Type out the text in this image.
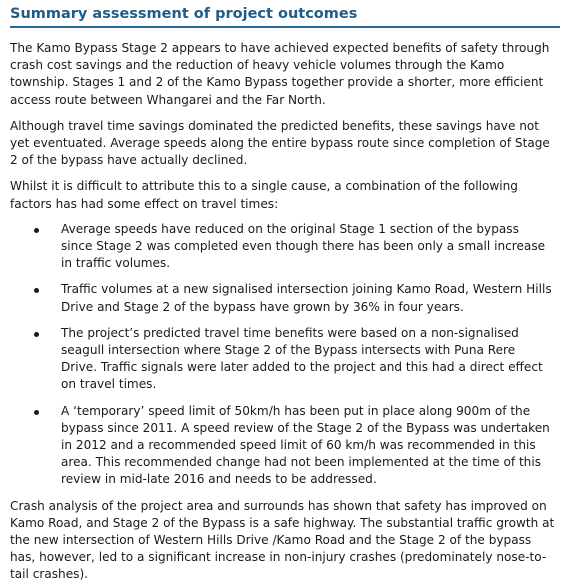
Summary assessment of project outcomes

The Kamo Bypass Stage 2 appears to have achieved expected benefits of safety through crash cost savings and the reduction of heavy vehicle volumes through the Kamo township. Stages 1 and 2 of the Kamo Bypass together provide a shorter, more efficient access route between Whangarei and the Far North.

Although travel time savings dominated the predicted benefits, these savings have not yet eventuated. Average speeds along the entire bypass route since completion of Stage 2 of the bypass have actually declined.

Whilst it is difficult to attribute this to a single cause, a combination of the following factors has had some effect on travel times:

Average speeds have reduced on the original Stage 1 section of the bypass since Stage 2 was completed even though there has been only a small increase in traffic volumes.
Traffic volumes at a new signalised intersection joining Kamo Road, Western Hills Drive and Stage 2 of the bypass have grown by 36% in four years.
The project’s predicted travel time benefits were based on a non-signalised seagull intersection where Stage 2 of the Bypass intersects with Puna Rere Drive. Traffic signals were later added to the project and this had a direct effect on travel times.
A ‘temporary’ speed limit of 50km/h has been put in place along 900m of the bypass since 2011. A speed review of the Stage 2 of the Bypass was undertaken in 2012 and a recommended speed limit of 60 km/h was recommended in this area. This recommended change had not been implemented at the time of this review in mid-late 2016 and needs to be addressed.

Crash analysis of the project area and surrounds has shown that safety has improved on Kamo Road, and Stage 2 of the Bypass is a safe highway. The substantial traffic growth at the new intersection of Western Hills Drive /Kamo Road and the Stage 2 of the bypass has, however, led to a significant increase in non-injury crashes (predominately nose-to-tail crashes).
